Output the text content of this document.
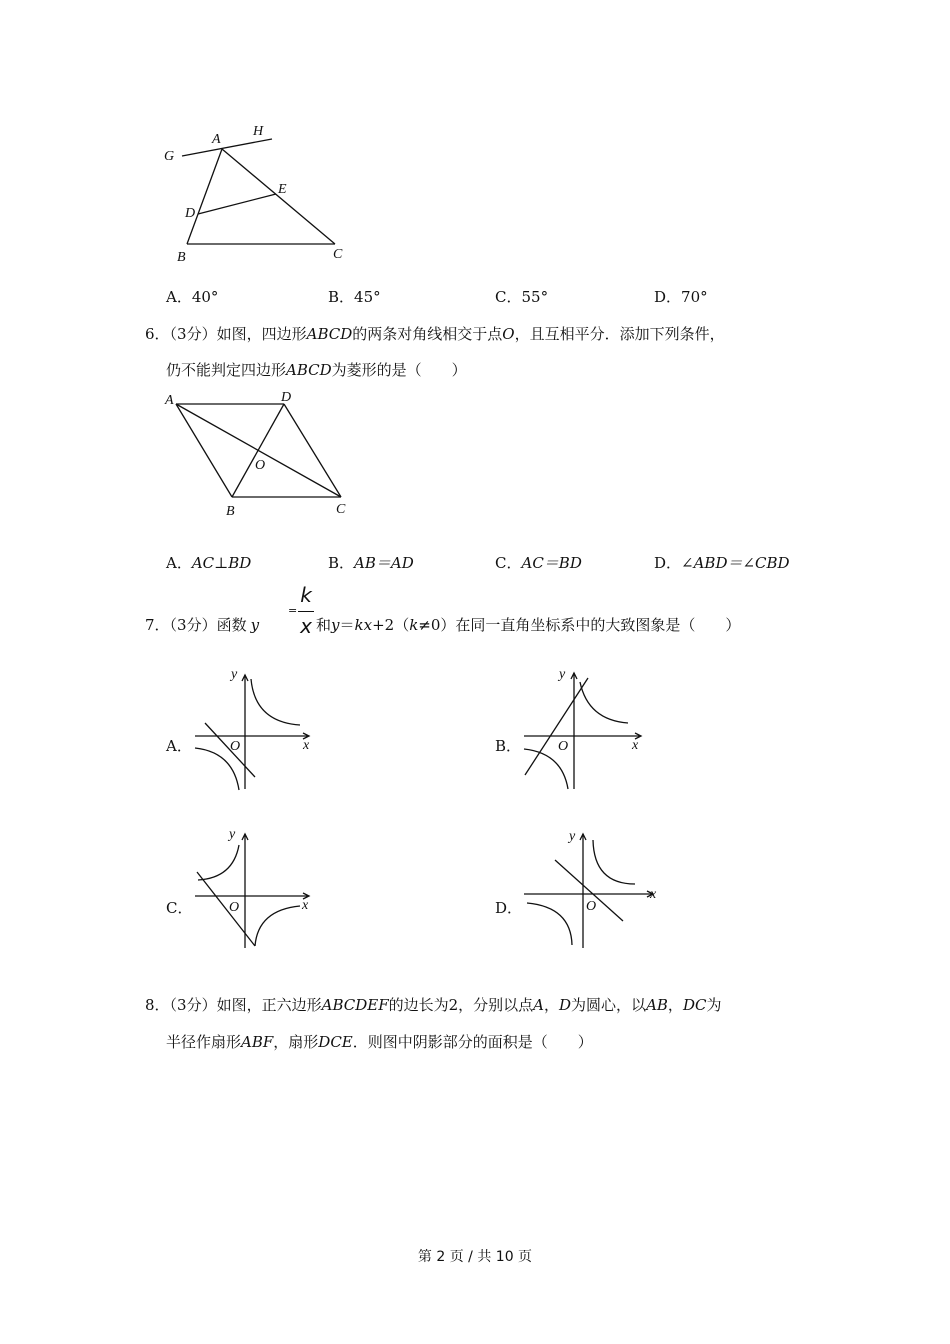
G
A
H
E
D
B	C
A．40°	B．45°	C．55°	D．70°
6．（3分）如图，四边形ABCD的两条对角线相交于点O，且互相平分．添加下列条件，
仍不能判定四边形ABCD为菱形的是（　　）
A	D
O
B	C
A．AC⊥BD	B．AB＝AD	C．AC＝BD	D．∠ABD＝∠CBD
7．（3分）函数 y
=
k
x 和y＝kx+2（k≠0）在同一直角坐标系中的大致图象是（　　）
A．	B．
C．	D．
y
x
O
y
x
O
y
x
O
y
x
O
8．（3分）如图，正六边形ABCDEF的边长为2，分别以点A，D为圆心，以AB，DC为
半径作扇形ABF，扇形DCE．则图中阴影部分的面积是（　　）
第 2 页 / 共 10 页
